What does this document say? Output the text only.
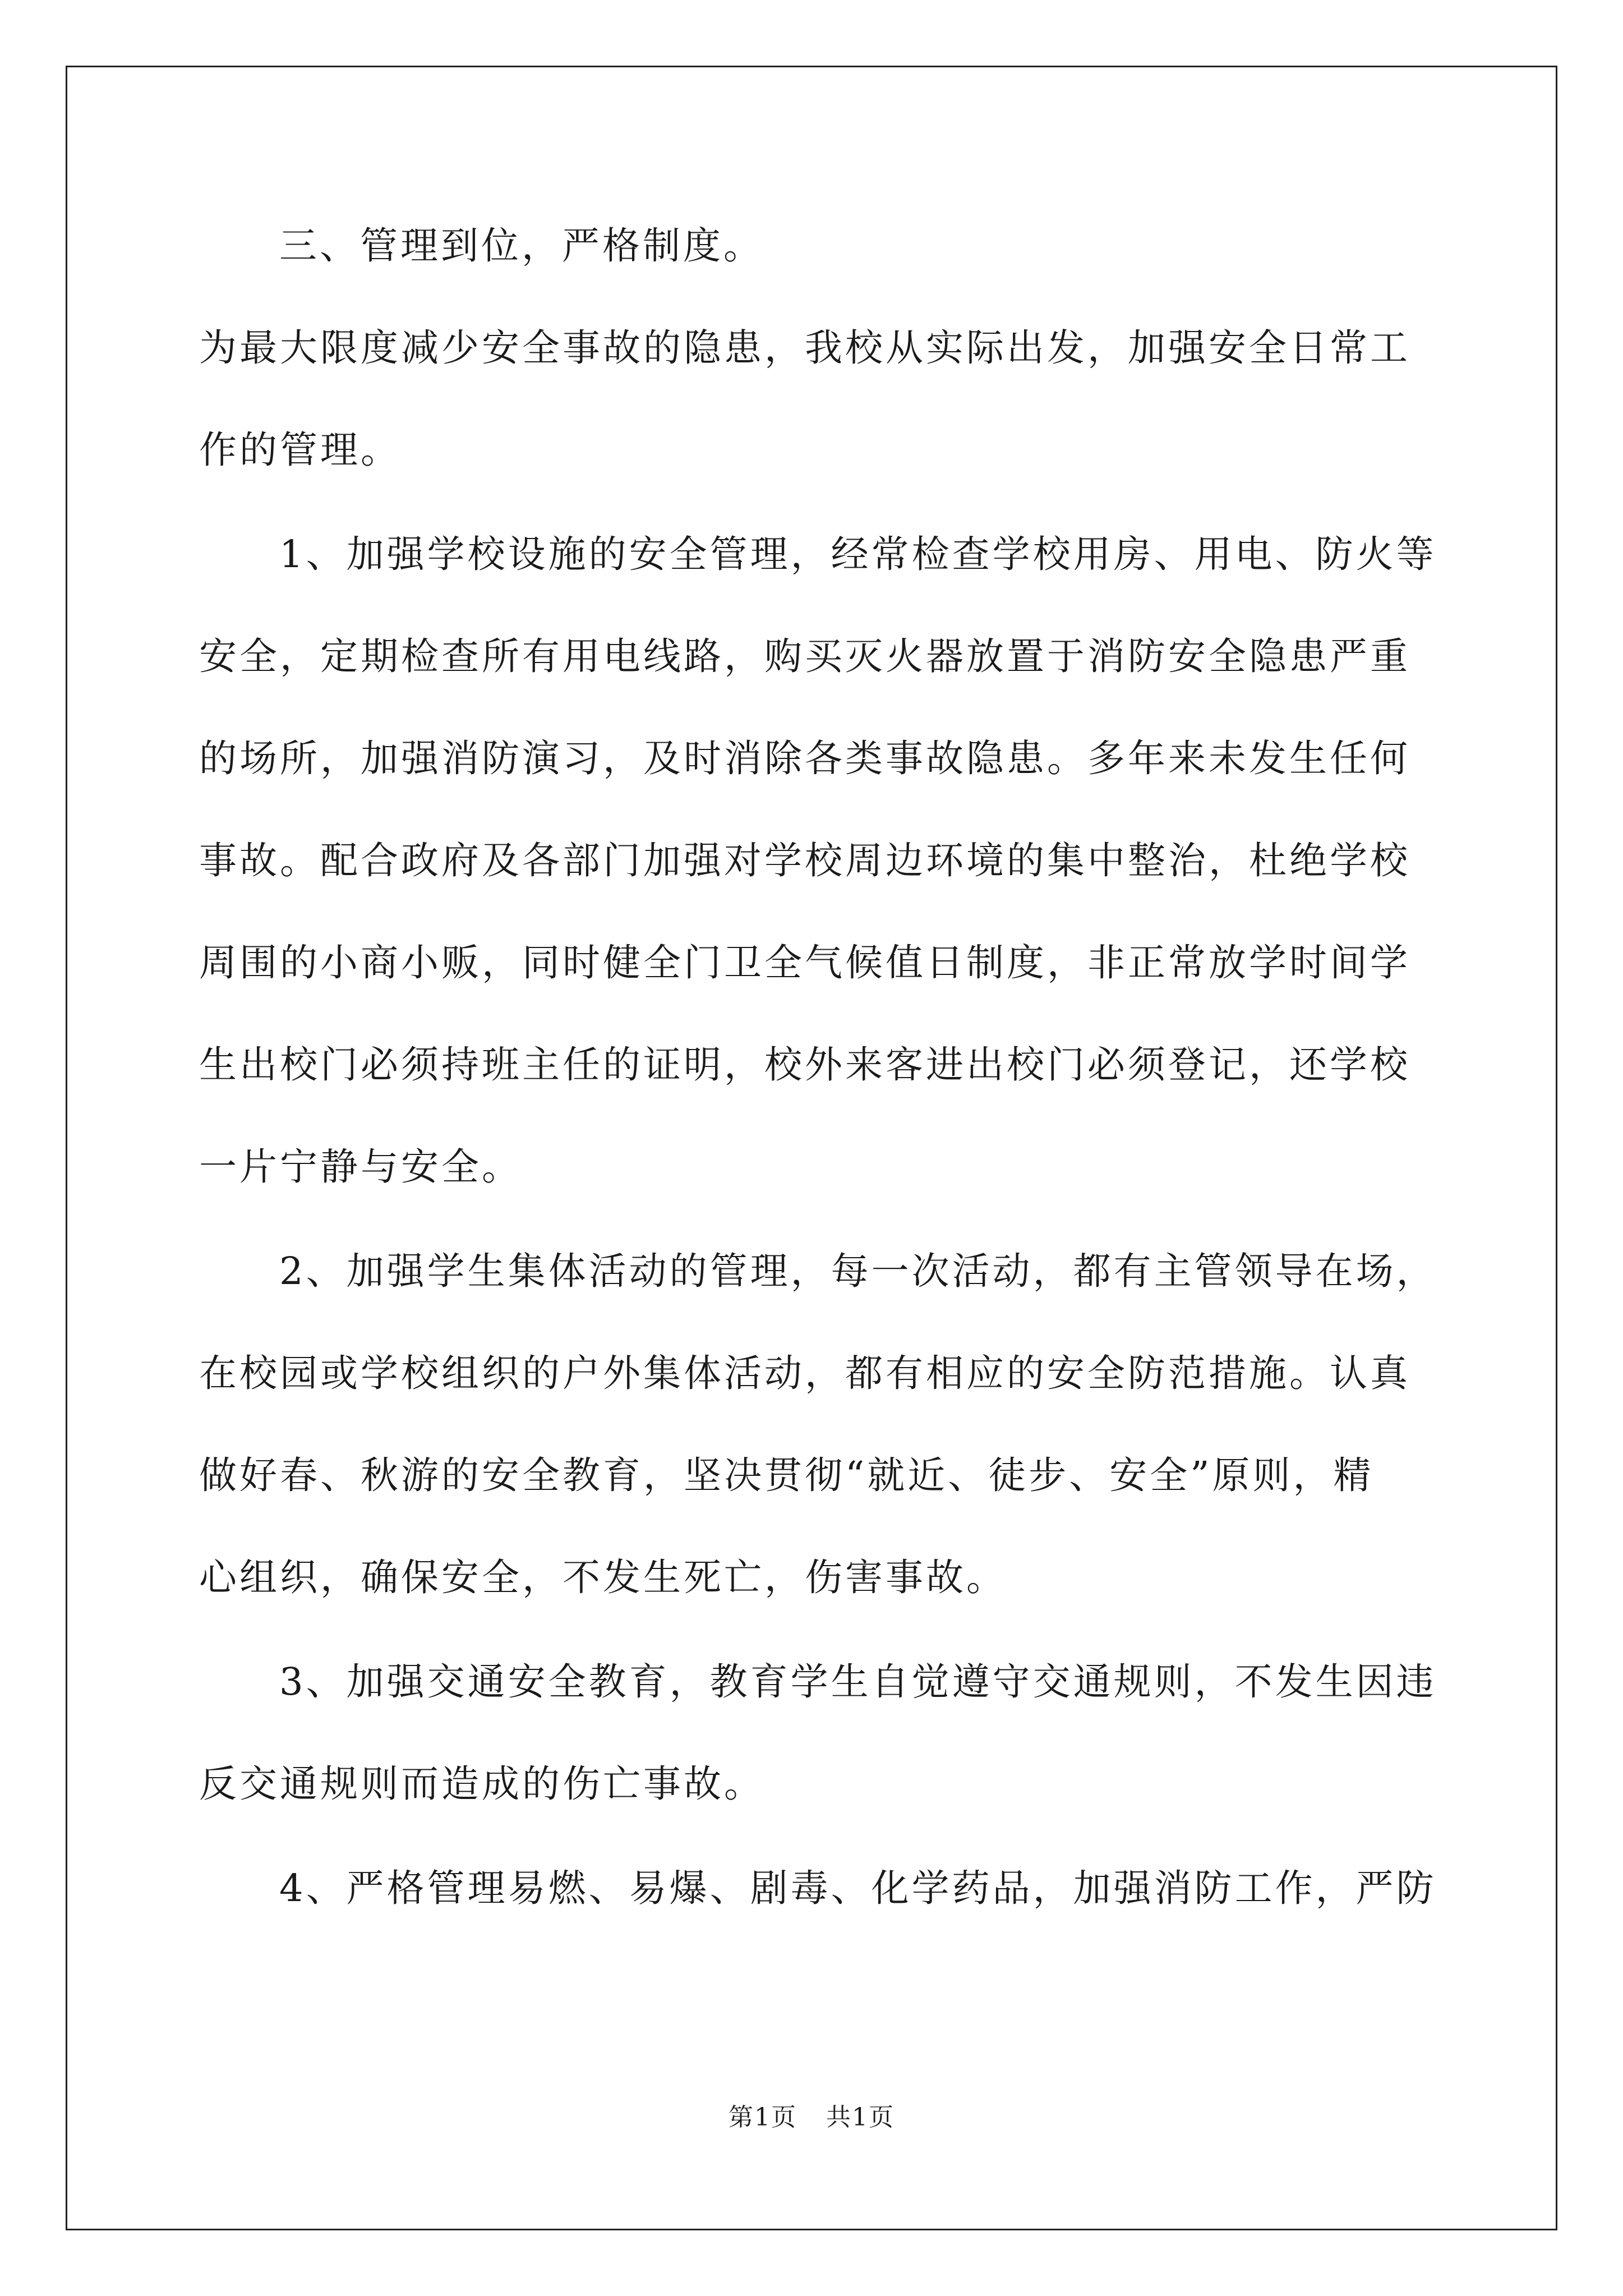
三、管理到位，严格制度。
为最大限度减少安全事故的隐患，我校从实际出发，加强安全日常工
作的管理。
1、加强学校设施的安全管理，经常检查学校用房、用电、防火等
安全，定期检查所有用电线路，购买灭火器放置于消防安全隐患严重
的场所，加强消防演习，及时消除各类事故隐患。多年来未发生任何
事故。配合政府及各部门加强对学校周边环境的集中整治，杜绝学校
周围的小商小贩，同时健全门卫全气候值日制度，非正常放学时间学
生出校门必须持班主任的证明，校外来客进出校门必须登记，还学校
一片宁静与安全。
2、加强学生集体活动的管理，每一次活动，都有主管领导在场，
在校园或学校组织的户外集体活动，都有相应的安全防范措施。认真
做好春、秋游的安全教育，坚决贯彻“就近、徒步、安全”原则，精
心组织，确保安全，不发生死亡，伤害事故。
3、加强交通安全教育，教育学生自觉遵守交通规则，不发生因违
反交通规则而造成的伤亡事故。
4、严格管理易燃、易爆、剧毒、化学药品，加强消防工作，严防
第1页 共1页
